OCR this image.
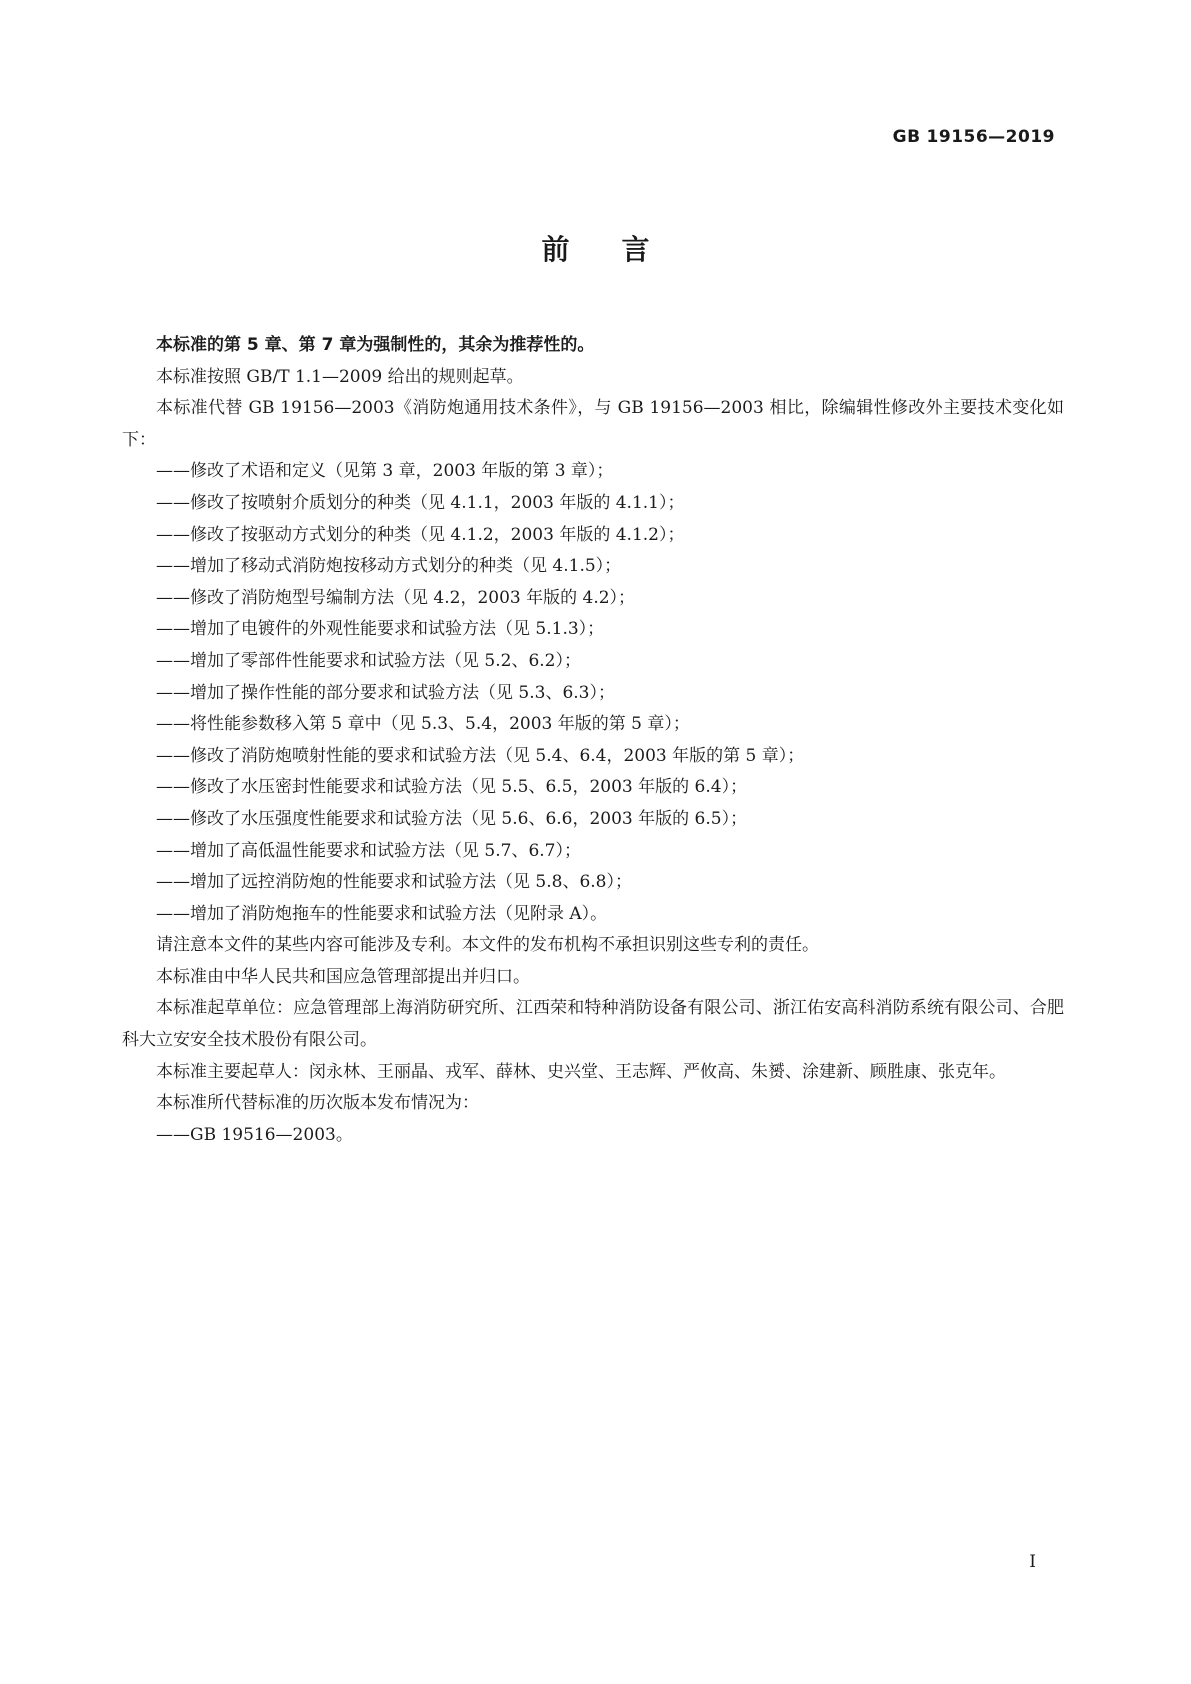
GB 19156—2019
前言

本标准的第 5 章、第 7 章为强制性的，其余为推荐性的。

本标准按照 GB/T 1.1—2009 给出的规则起草。

本标准代替 GB 19156—2003《消防炮通用技术条件》，与 GB 19156—2003 相比，除编辑性修改外主要技术变化如下：

——修改了术语和定义（见第 3 章，2003 年版的第 3 章）；

——修改了按喷射介质划分的种类（见 4.1.1，2003 年版的 4.1.1）；

——修改了按驱动方式划分的种类（见 4.1.2，2003 年版的 4.1.2）；

——增加了移动式消防炮按移动方式划分的种类（见 4.1.5）；

——修改了消防炮型号编制方法（见 4.2，2003 年版的 4.2）；

——增加了电镀件的外观性能要求和试验方法（见 5.1.3）；

——增加了零部件性能要求和试验方法（见 5.2、6.2）；

——增加了操作性能的部分要求和试验方法（见 5.3、6.3）；

——将性能参数移入第 5 章中（见 5.3、5.4，2003 年版的第 5 章）；

——修改了消防炮喷射性能的要求和试验方法（见 5.4、6.4，2003 年版的第 5 章）；

——修改了水压密封性能要求和试验方法（见 5.5、6.5，2003 年版的 6.4）；

——修改了水压强度性能要求和试验方法（见 5.6、6.6，2003 年版的 6.5）；

——增加了高低温性能要求和试验方法（见 5.7、6.7）；

——增加了远控消防炮的性能要求和试验方法（见 5.8、6.8）；

——增加了消防炮拖车的性能要求和试验方法（见附录 A）。

请注意本文件的某些内容可能涉及专利。本文件的发布机构不承担识别这些专利的责任。

本标准由中华人民共和国应急管理部提出并归口。

本标准起草单位：应急管理部上海消防研究所、江西荣和特种消防设备有限公司、浙江佑安高科消防系统有限公司、合肥科大立安安全技术股份有限公司。

本标准主要起草人：闵永林、王丽晶、戎军、薛林、史兴堂、王志辉、严攸高、朱赟、涂建新、顾胜康、张克年。

本标准所代替标准的历次版本发布情况为：

——GB 19516—2003。

I
